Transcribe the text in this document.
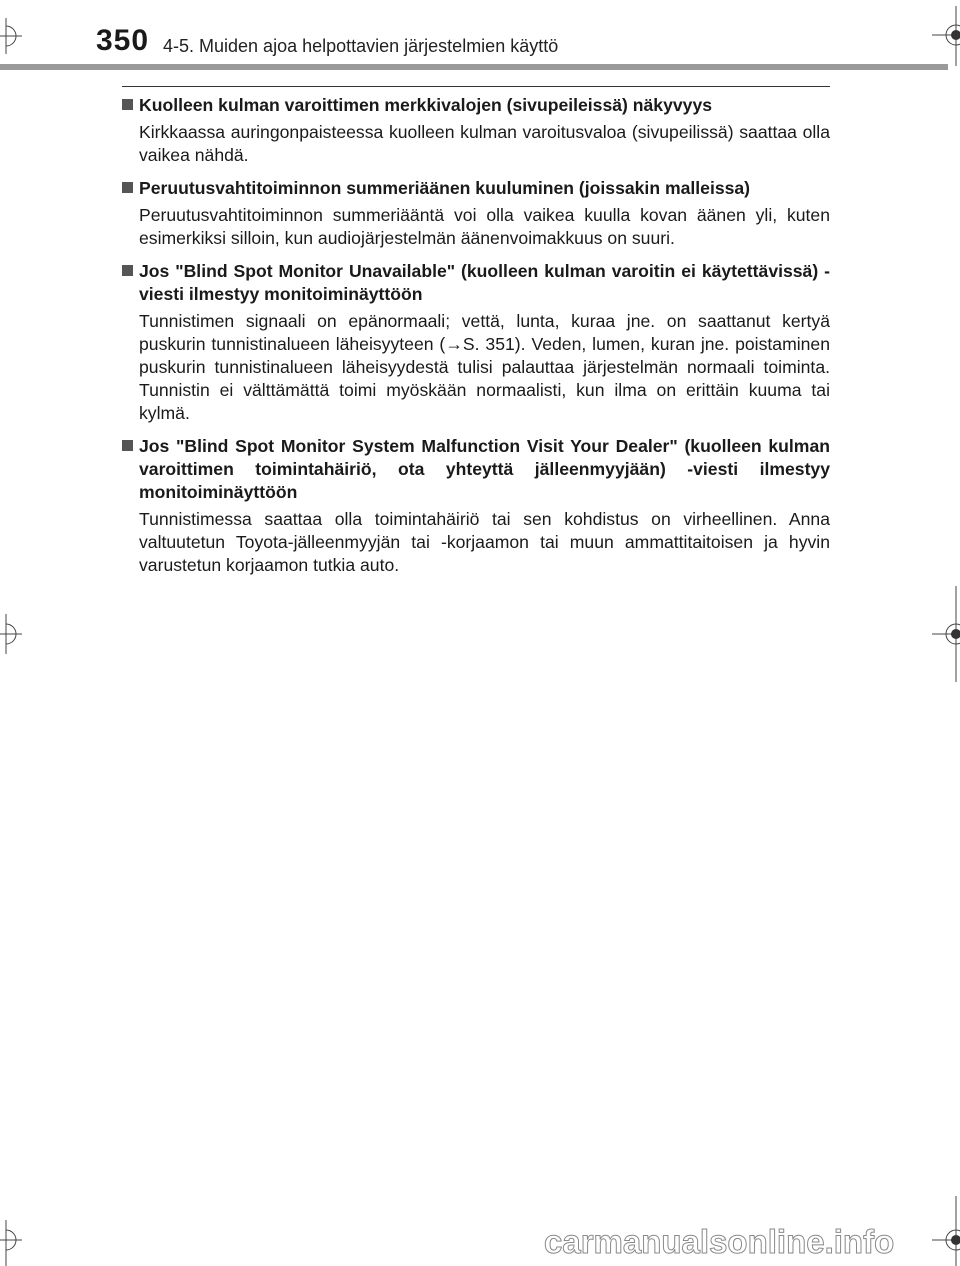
350 4-5. Muiden ajoa helpottavien järjestelmien käyttö
Kuolleen kulman varoittimen merkkivalojen (sivupeileissä) näkyvyys
Kirkkaassa auringonpaisteessa kuolleen kulman varoitusvaloa (sivupeilissä) saattaa olla vaikea nähdä.
Peruutusvahtitoiminnon summeriäänen kuuluminen (joissakin malleissa)
Peruutusvahtitoiminnon summeriääntä voi olla vaikea kuulla kovan äänen yli, kuten esimerkiksi silloin, kun audiojärjestelmän äänenvoimakkuus on suuri.
Jos "Blind Spot Monitor Unavailable" (kuolleen kulman varoitin ei käytettävissä) -viesti ilmestyy monitoiminäyttöön
Tunnistimen signaali on epänormaali; vettä, lunta, kuraa jne. on saattanut kertyä puskurin tunnistinalueen läheisyyteen (→S. 351). Veden, lumen, kuran jne. poistaminen puskurin tunnistinalueen läheisyydestä tulisi palauttaa järjestelmän normaali toiminta. Tunnistin ei välttämättä toimi myöskään normaalisti, kun ilma on erittäin kuuma tai kylmä.
Jos "Blind Spot Monitor System Malfunction Visit Your Dealer" (kuolleen kulman varoittimen toimintahäiriö, ota yhteyttä jälleenmyyjään) -viesti ilmestyy monitoiminäyttöön
Tunnistimessa saattaa olla toimintahäiriö tai sen kohdistus on virheellinen. Anna valtuutetun Toyota-jälleenmyyjän tai -korjaamon tai muun ammattitaitoisen ja hyvin varustetun korjaamon tutkia auto.
carmanualsonline.info
